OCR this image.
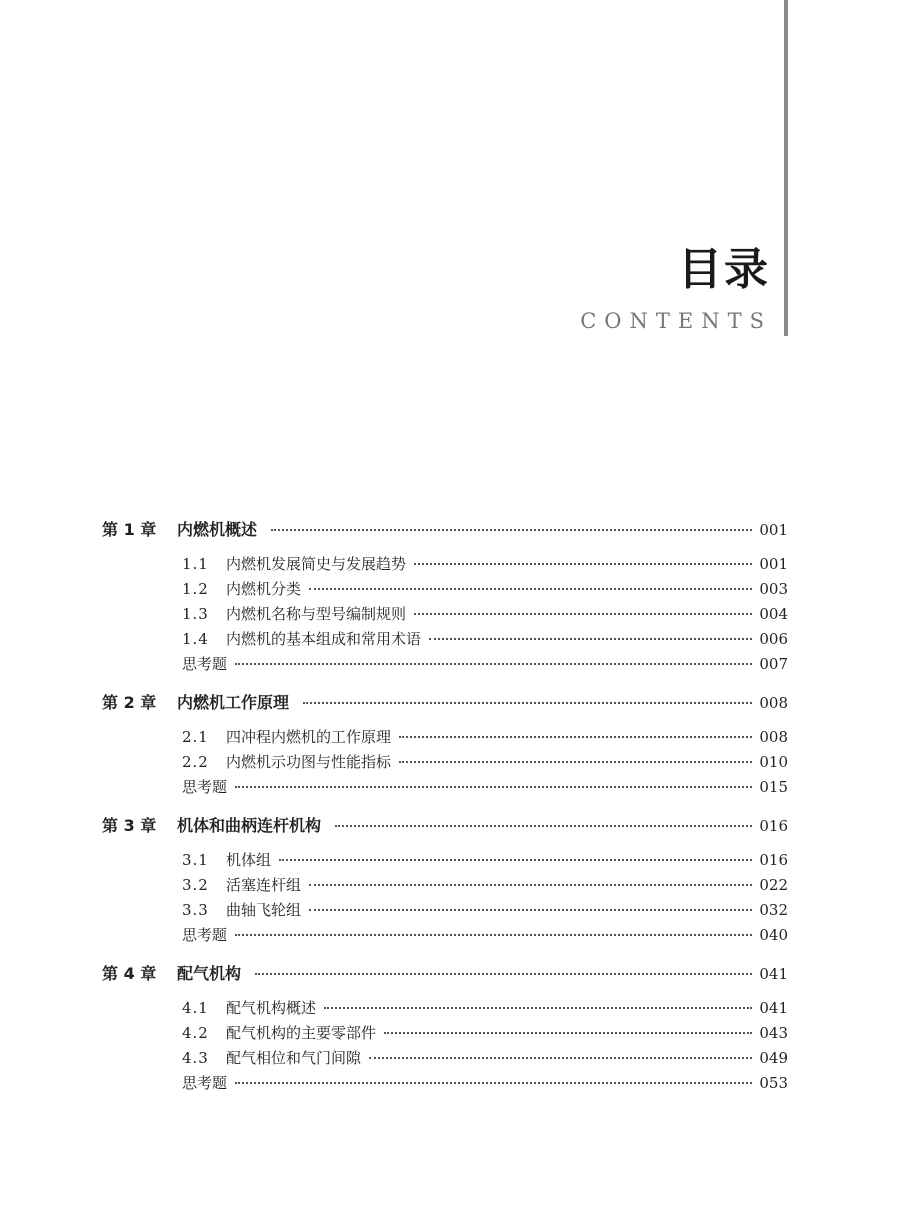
目录
CONTENTS
第 1 章	内燃机概述	001
1.1	内燃机发展简史与发展趋势	001
1.2	内燃机分类	003
1.3	内燃机名称与型号编制规则	004
1.4	内燃机的基本组成和常用术语	006
思考题	007
第 2 章	内燃机工作原理	008
2.1	四冲程内燃机的工作原理	008
2.2	内燃机示功图与性能指标	010
思考题	015
第 3 章	机体和曲柄连杆机构	016
3.1	机体组	016
3.2	活塞连杆组	022
3.3	曲轴飞轮组	032
思考题	040
第 4 章	配气机构	041
4.1	配气机构概述	041
4.2	配气机构的主要零部件	043
4.3	配气相位和气门间隙	049
思考题	053
